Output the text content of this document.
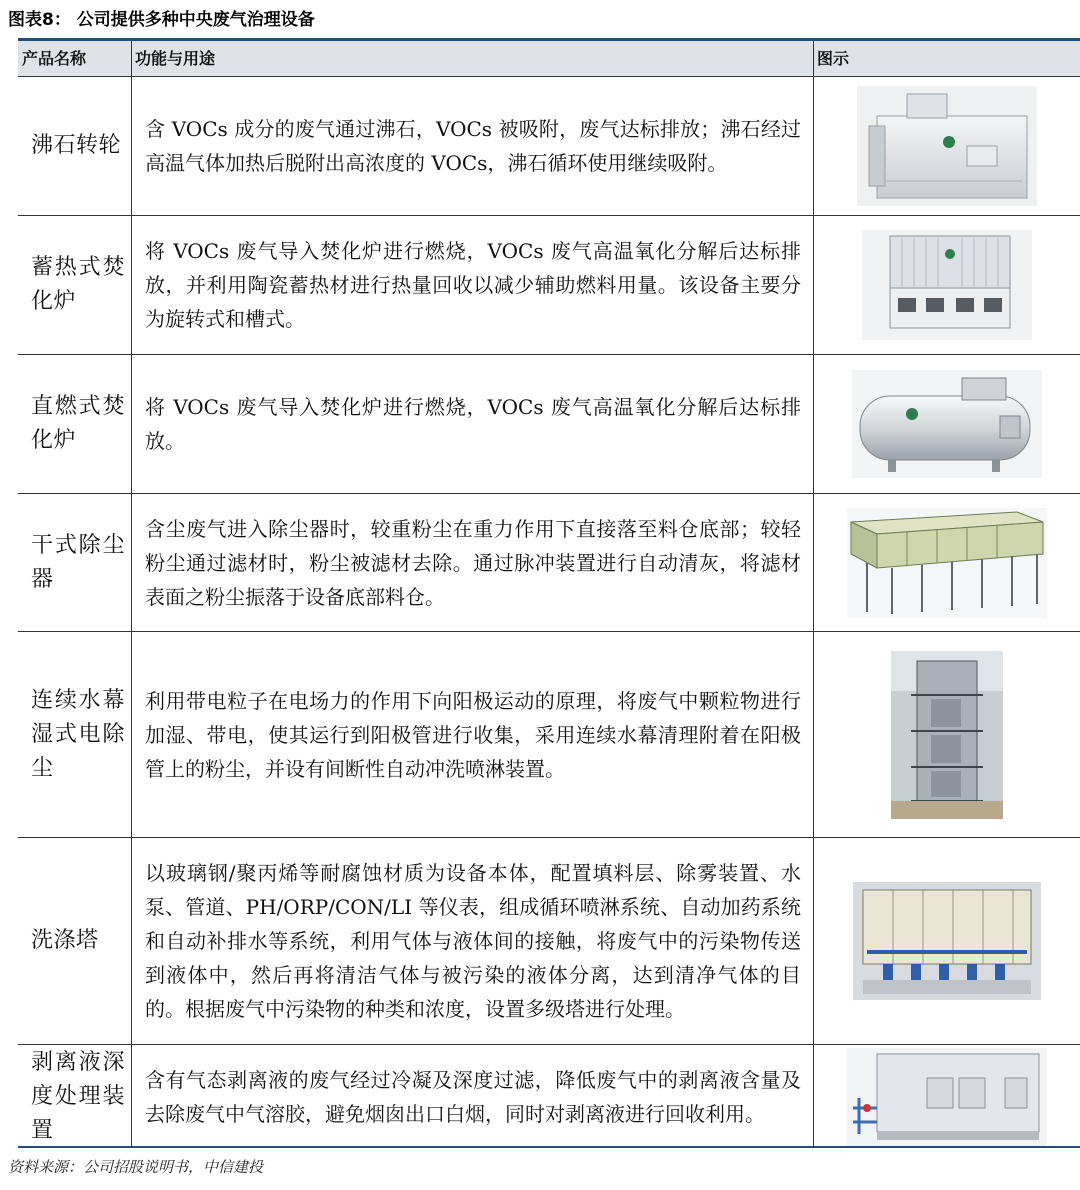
图表8： 公司提供多种中央废气治理设备
产品名称	功能与用途	图示
沸石转轮
含 VOCs 成分的废气通过沸石，VOCs 被吸附，废气达标排放；沸石经过高温气体加热后脱附出高浓度的 VOCs，沸石循环使用继续吸附。
蓄热式焚化炉
将 VOCs 废气导入焚化炉进行燃烧，VOCs 废气高温氧化分解后达标排放，并利用陶瓷蓄热材进行热量回收以减少辅助燃料用量。该设备主要分为旋转式和槽式。
直燃式焚化炉
将 VOCs 废气导入焚化炉进行燃烧，VOCs 废气高温氧化分解后达标排放。
干式除尘器
含尘废气进入除尘器时，较重粉尘在重力作用下直接落至料仓底部；较轻粉尘通过滤材时，粉尘被滤材去除。通过脉冲装置进行自动清灰，将滤材表面之粉尘振落于设备底部料仓。
连续水幕湿式电除尘
利用带电粒子在电场力的作用下向阳极运动的原理，将废气中颗粒物进行加湿、带电，使其运行到阳极管进行收集，采用连续水幕清理附着在阳极管上的粉尘，并设有间断性自动冲洗喷淋装置。
洗涤塔
以玻璃钢/聚丙烯等耐腐蚀材质为设备本体，配置填料层、除雾装置、水泵、管道、PH/ORP/CON/LI 等仪表，组成循环喷淋系统、自动加药系统和自动补排水等系统，利用气体与液体间的接触，将废气中的污染物传送到液体中，然后再将清洁气体与被污染的液体分离，达到清净气体的目的。根据废气中污染物的种类和浓度，设置多级塔进行处理。
剥离液深度处理装置
含有气态剥离液的废气经过冷凝及深度过滤，降低废气中的剥离液含量及去除废气中气溶胶，避免烟囱出口白烟，同时对剥离液进行回收利用。
资料来源：公司招股说明书，中信建投
